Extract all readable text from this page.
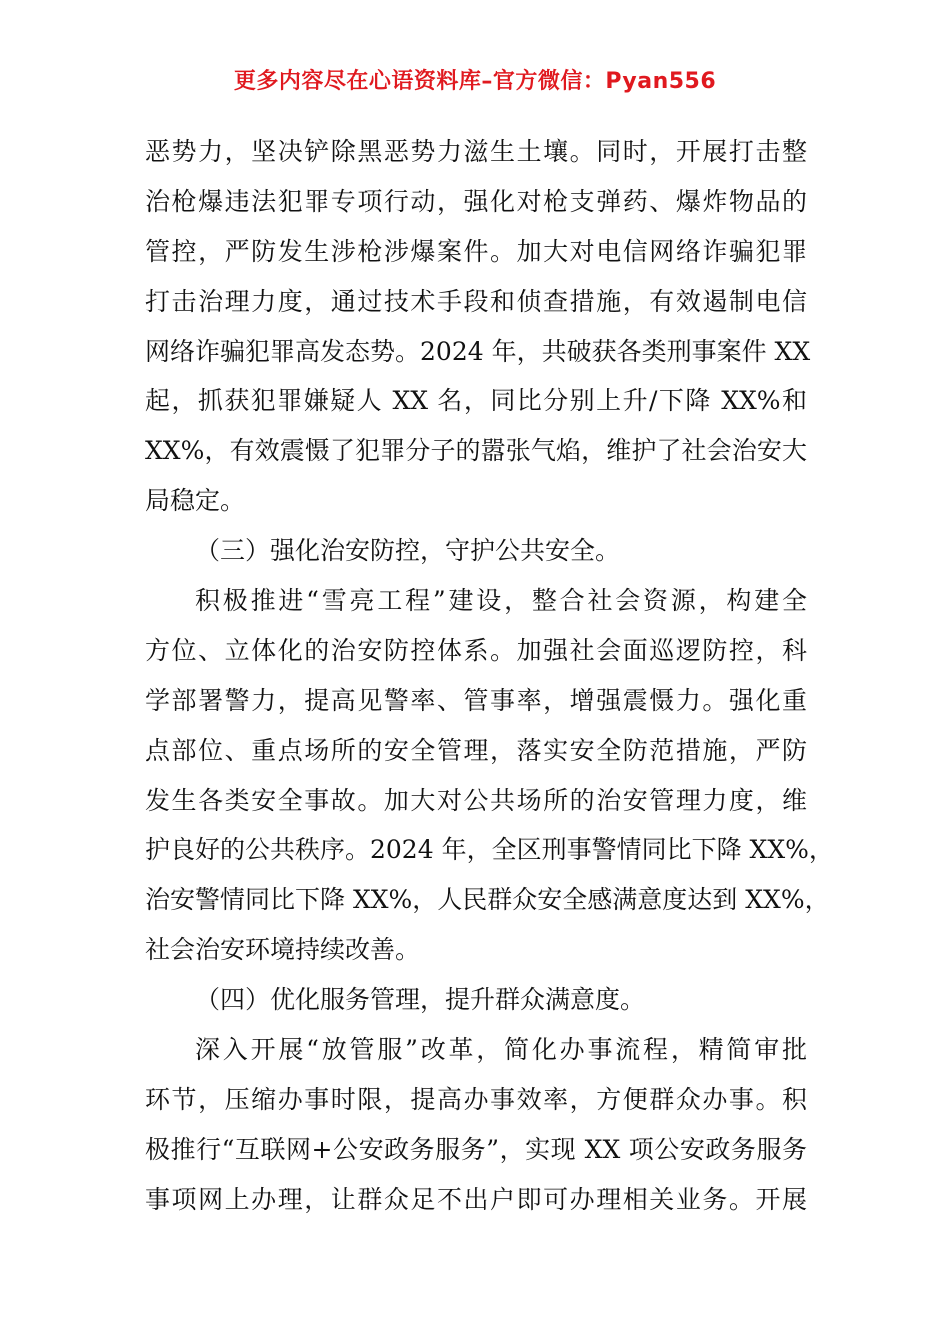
更多内容尽在心语资料库–官方微信：Pyan556
恶势力，坚决铲除黑恶势力滋生土壤。同时，开展打击整
治枪爆违法犯罪专项行动，强化对枪支弹药、爆炸物品的
管控，严防发生涉枪涉爆案件。加大对电信网络诈骗犯罪
打击治理力度，通过技术手段和侦查措施，有效遏制电信
网络诈骗犯罪高发态势。2024 年，共破获各类刑事案件 XX
起，抓获犯罪嫌疑人 XX 名，同比分别上升/下降 XX%和
XX%，有效震慑了犯罪分子的嚣张气焰，维护了社会治安大
局稳定。
（三）强化治安防控，守护公共安全。
积极推进“雪亮工程”建设，整合社会资源，构建全
方位、立体化的治安防控体系。加强社会面巡逻防控，科
学部署警力，提高见警率、管事率，增强震慑力。强化重
点部位、重点场所的安全管理，落实安全防范措施，严防
发生各类安全事故。加大对公共场所的治安管理力度，维
护良好的公共秩序。2024 年，全区刑事警情同比下降 XX%，
治安警情同比下降 XX%，人民群众安全感满意度达到 XX%，
社会治安环境持续改善。
（四）优化服务管理，提升群众满意度。
深入开展“放管服”改革，简化办事流程，精简审批
环节，压缩办事时限，提高办事效率，方便群众办事。积
极推行“互联网+公安政务服务”，实现 XX 项公安政务服务
事项网上办理，让群众足不出户即可办理相关业务。开展
